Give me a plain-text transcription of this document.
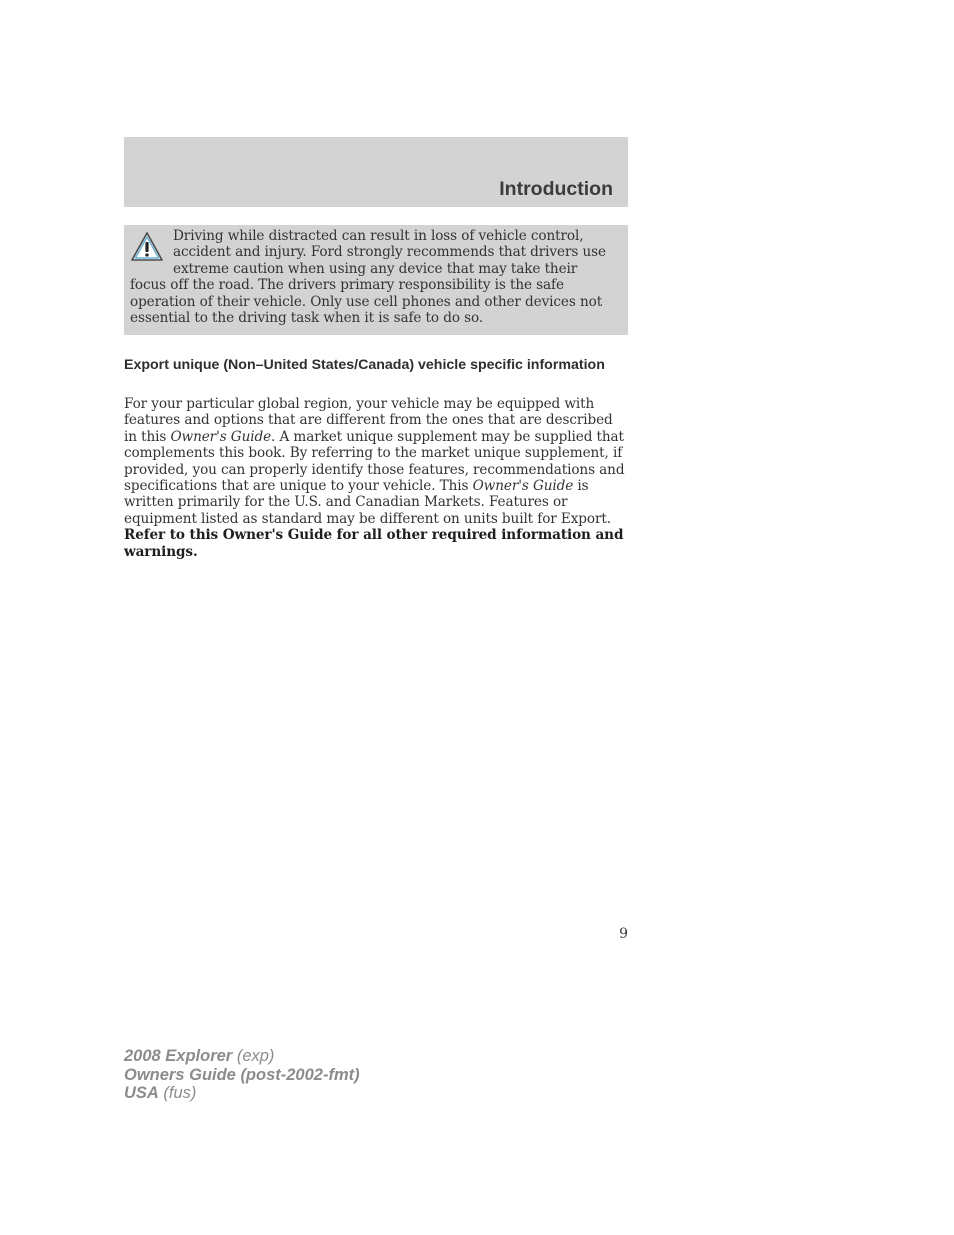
Introduction
Driving while distracted can result in loss of vehicle control, accident and injury. Ford strongly recommends that drivers use extreme caution when using any device that may take their focus off the road. The drivers primary responsibility is the safe operation of their vehicle. Only use cell phones and other devices not essential to the driving task when it is safe to do so.
Export unique (Non–United States/Canada) vehicle specific information

For your particular global region, your vehicle may be equipped with features and options that are different from the ones that are described in this Owner's Guide. A market unique supplement may be supplied that complements this book. By referring to the market unique supplement, if provided, you can properly identify those features, recommendations and specifications that are unique to your vehicle. This Owner's Guide is written primarily for the U.S. and Canadian Markets. Features or equipment listed as standard may be different on units built for Export. Refer to this Owner's Guide for all other required information and warnings.

9
2008 Explorer (exp)
Owners Guide (post-2002-fmt)
USA (fus)
